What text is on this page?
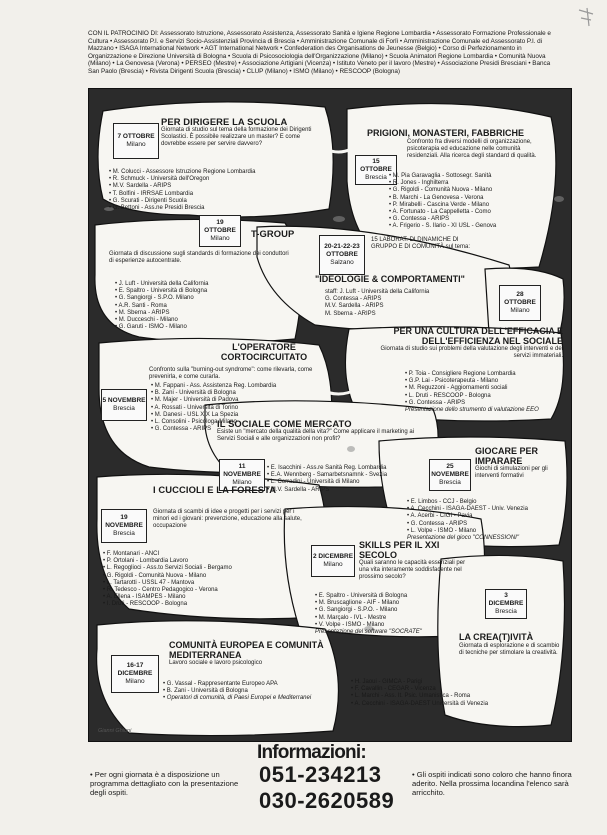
CON IL PATROCINIO DI: Assessorato Istruzione, Assessorato Assistenza, Assessorato Sanità e Igiene Regione Lombardia • Assessorato Formazione Professionale e Cultura • Assessorato P.I. e Servizi Socio-Assistenziali Provincia di Brescia • Amministrazione Comunale di Forlì • Amministrazione Comunale ed Assessorato P.I. di Mazzano • ISAGA International Network • AGT International Network • Confederation des Organisations de Jeunesse (Belgio) • Corso di Perfezionamento in Organizzazione e Direzione Università di Bologna • Scuola di Psicosociologia dell'Organizzazione (Milano) • Scuola Animatori Regione Lombardia • Comunità Nuova (Milano) • La Genovesa (Verona) • PERSEO (Mestre) • Associazione Artigiani (Vicenza) • Istituto Veneto per il lavoro (Mestre) • Associazione Presidi Bresciani • Banca San Paolo (Brescia) • Rivista Dirigenti Scuola (Brescia) • CLUP (Milano) • ISMO (Milano) • RESCOOP (Bologna)
7 OTTOBRE
Milano
PER DIRIGERE LA SCUOLA
Giornata di studio sul tema della formazione dei Dirigenti Scolastici. È possibile realizzare un master? E come dovrebbe essere per servire davvero?
• M. Colucci - Assessore Istruzione Regione Lombardia
• R. Schmuck - Università dell'Oregon
• M.V. Sardella - ARIPS
• T. Bolfini - IRRSAE Lombardia
• G. Scurati - Dirigenti Scuola
• G. Bettoni - Ass.ne Presidi Brescia
PRIGIONI, MONASTERI, FABBRICHE
Confronto fra diversi modelli di organizzazione, psicoterapia ed educazione nelle comunità residenziali. Alla ricerca degli standard di qualità.
15 OTTOBRE
Brescia • M. Pia Garavaglia - Sottosegr. Sanità
• R. Jones - Inghilterra
• G. Rigoldi - Comunità Nuova - Milano
• B. Marchi - La Genovesa - Verona
• P. Mirabelli - Cascina Verde - Milano
• A. Fortunato - La Cappelletta - Como
• G. Contessa - ARIPS
• A. Frigerio - S. Ilario - XI USL - Genova
19 OTTOBRE
Milano T-GROUP
Giornata di discussione sugli standards di formazione dei conduttori di esperienze autocentrate.
• J. Luft - Università della California
• E. Spaltro - Università di Bologna
• G. Sangiorgi - S.P.O. Milano
• A.R. Santi - Roma
• M. Sberna - ARIPS
• M. Ducceschi - Milano
• G. Garuti - ISMO - Milano
20-21-22-23 OTTOBRE
Salzano
15 LABORAT. DI DINAMICHE DI GRUPPO E DI COMUNITÀ sul tema:
"IDEOLOGIE & COMPORTAMENTI"
staff: J. Luft - Università della California
G. Contessa - ARIPS
M.V. Sardella - ARIPS
M. Sberna - ARIPS
28 OTTOBRE
Milano
PER UNA CULTURA DELL'EFFICACIA E DELL'EFFICIENZA NEL SOCIALE
Giornata di studio sui problemi della valutazione degli interventi e dei servizi immateriali.
• P. Toia - Consigliere Regione Lombardia
• G.P. Lai - Psicoterapeuta - Milano
• M. Reguzzoni - Aggiornamenti sociali
• L. Druti - RESCOOP - Bologna
• G. Contessa - ARIPS
Presentazione dello strumento di valutazione EEO
L'OPERATORE CORTOCIRCUITATO
Confronto sulla "burning-out syndrome": come rilevarla, come prevenirla, e come curarla.
5 NOVEMBRE
Brescia
• M. Fappani - Ass. Assistenza Reg. Lombardia
• B. Zani - Università di Bologna
• M. Majer - Università di Padova
• A. Rossati - Università di Torino
• M. Danesi - USL XIX La Spezia
• L. Consolini - Psicologa Milano
• G. Contessa - ARIPS
IL SOCIALE COME MERCATO
Esiste un "mercato della qualità della vita?" Come applicare il marketing ai Servizi Sociali e alle organizzazioni non profit?
11 NOVEMBRE
Milano
• E. Isacchini - Ass.re Sanità Reg. Lombardia
• E.A. Wennberg - Samarbetsnamnk - Svezia
• L. Corradini - Università di Milano
• M.V. Sardella - ARIPS
25 NOVEMBRE
Brescia
GIOCARE PER IMPARARE
Giochi di simulazioni per gli interventi formativi
• E. Limbos - CCJ - Belgio
• A. Cecchini - ISAGA-DAEST - Univ. Venezia
• A. Acerbi - CIGI - Pavia
• G. Contessa - ARIPS
• L. Volpe - ISMO - Milano
Presentazione del gioco "CONNESSIONI"
I CUCCIOLI E LA FORESTA
19 NOVEMBRE
Brescia
Giornata di scambi di idee e progetti per i servizi per i minori ed i giovani: prevenzione, educazione alla salute, occupazione
• F. Montanari - ANCI
• P. Ortolani - Lombardia Lavoro
• L. Regoglioci - Ass.to Servizi Sociali - Bergamo
• G. Rigoldi - Comunità Nuova - Milano
• L. Tartarotti - USSL 47 - Mantova
• R. Tedesco - Centro Pedagogico - Verona
• A. Ellena - ISAMPES - Milano
• I. Druti - RESCOOP - Bologna
2 DICEMBRE
Milano
SKILLS PER IL XXI SECOLO
Quali saranno le capacità essenziali per una vita interamente soddisfacente nel prossimo secolo?
• E. Spaltro - Università di Bologna
• M. Bruscaglione - AIF - Milano
• G. Sangiorgi - S.P.O. - Milano
• M. Marçalo - IVL - Mestre
• V. Volpe - ISMO - Milano
Presentazione del software "SOCRATE"
3 DICEMBRE
Brescia
LA CREA(T)IVITÀ
Giornata di esplorazione e di scambio di tecniche per stimolare la creatività.
• H. Jaoui - GIMCA - Parigi
• F. Cavallin - CEGAR - Vicenza
• L. Marchi - Ass. It. Psic. Umanistica - Roma
• A. Cecchini - ISAGA-DAEST Università di Venezia
COMUNITÀ EUROPEA E COMUNITÀ MEDITERRANEA
Lavoro sociale e lavoro psicologico
16-17 DICEMBRE
Milano	• G. Vassal - Rappresentante Europeo APA
• B. Zani - Università di Bologna
• Operatori di comunità, di Paesi Europei e Mediterranei
Gianni Ghioni
Informazioni:
051-234213
030-2620589
• Per ogni giornata è a disposizione un programma dettagliato con la presentazione degli ospiti.
• Gli ospiti indicati sono coloro che hanno finora aderito. Nella prossima locandina l'elenco sarà arricchito.
